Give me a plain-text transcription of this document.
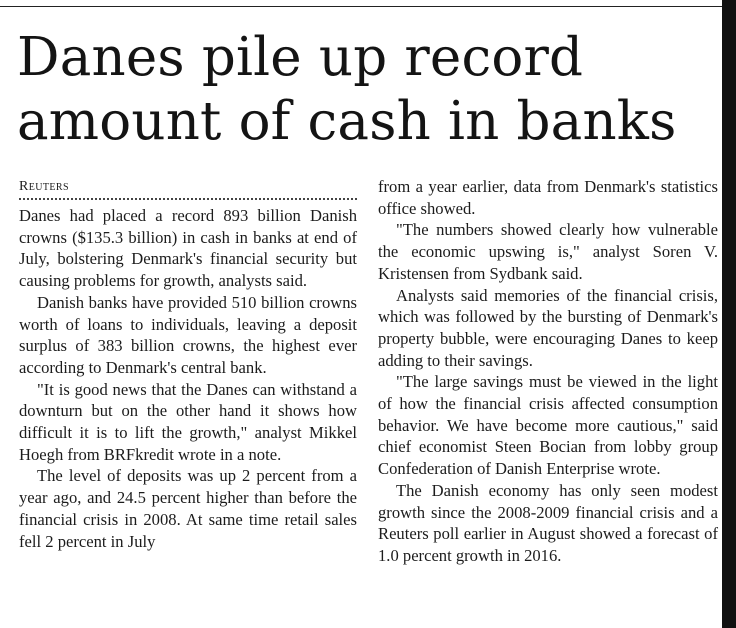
Danes pile up record amount of cash in banks
Reuters

Danes had placed a record 893 billion Danish crowns ($135.3 billion) in cash in banks at end of July, bolstering Denmark's financial security but causing problems for growth, analysts said.

Danish banks have provided 510 billion crowns worth of loans to individuals, leaving a deposit surplus of 383 billion crowns, the highest ever according to Denmark's central bank.

"It is good news that the Danes can withstand a downturn but on the other hand it shows how difficult it is to lift the growth," analyst Mikkel Hoegh from BRFkredit wrote in a note.

The level of deposits was up 2 percent from a year ago, and 24.5 percent higher than before the financial crisis in 2008. At same time retail sales fell 2 percent in July

from a year earlier, data from Denmark's statistics office showed.

"The numbers showed clearly how vulnerable the economic upswing is," analyst Soren V. Kristensen from Sydbank said.

Analysts said memories of the financial crisis, which was followed by the bursting of Denmark's property bubble, were encouraging Danes to keep adding to their savings.

"The large savings must be viewed in the light of how the financial crisis affected consumption behavior. We have become more cautious," said chief economist Steen Bocian from lobby group Confederation of Danish Enterprise wrote.

The Danish economy has only seen modest growth since the 2008-2009 financial crisis and a Reuters poll earlier in August showed a forecast of 1.0 percent growth in 2016.
